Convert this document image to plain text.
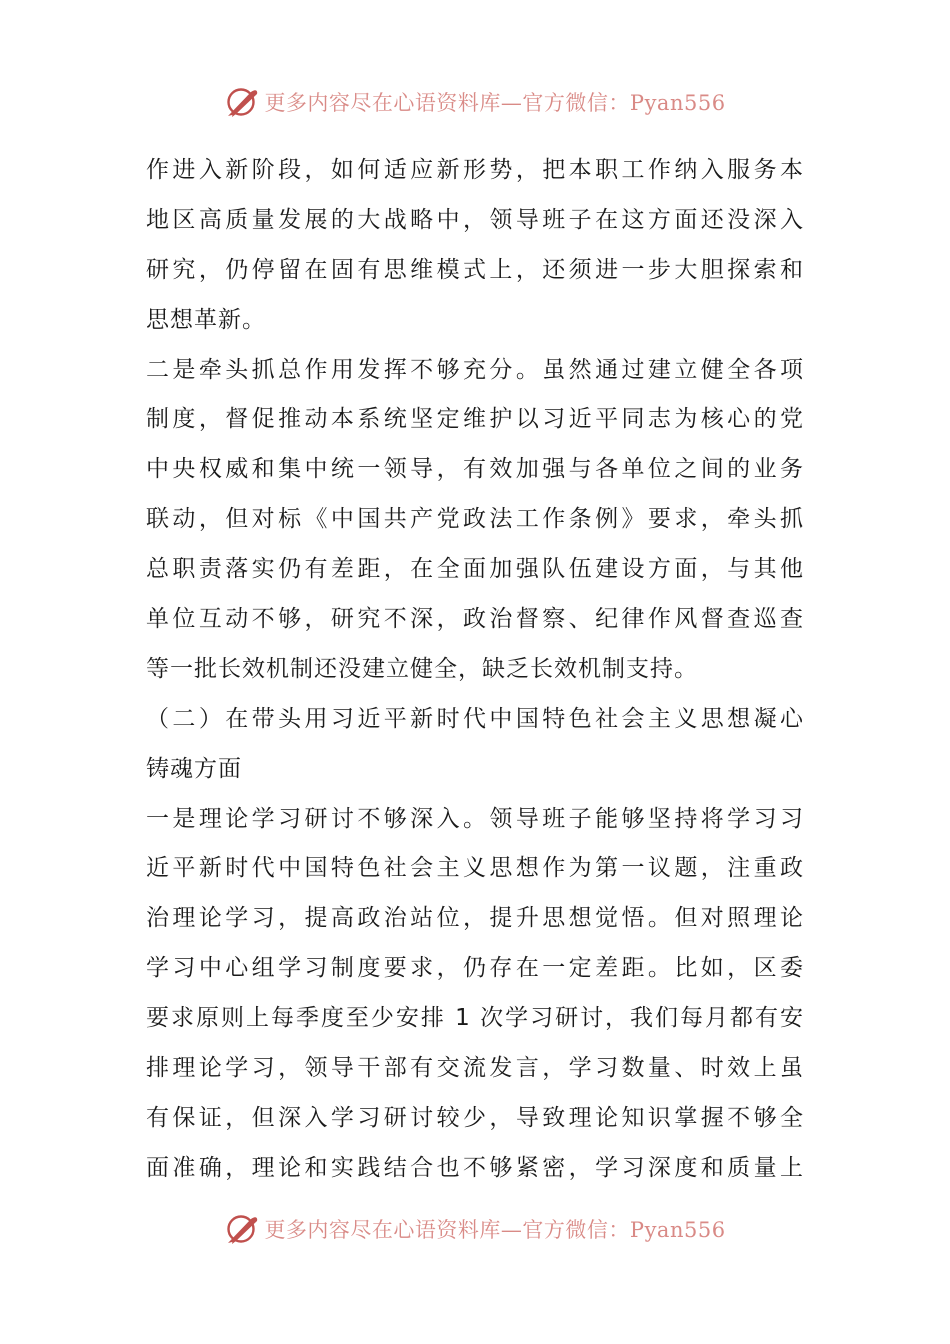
更多内容尽在心语资料库—官方微信：Pyan556
作进入新阶段，如何适应新形势，把本职工作纳入服务本
地区高质量发展的大战略中，领导班子在这方面还没深入
研究，仍停留在固有思维模式上，还须进一步大胆探索和
思想革新。
二是牵头抓总作用发挥不够充分。虽然通过建立健全各项
制度，督促推动本系统坚定维护以习近平同志为核心的党
中央权威和集中统一领导，有效加强与各单位之间的业务
联动，但对标《中国共产党政法工作条例》要求，牵头抓
总职责落实仍有差距，在全面加强队伍建设方面，与其他
单位互动不够，研究不深，政治督察、纪律作风督查巡查
等一批长效机制还没建立健全，缺乏长效机制支持。
（二）在带头用习近平新时代中国特色社会主义思想凝心
铸魂方面
一是理论学习研讨不够深入。领导班子能够坚持将学习习
近平新时代中国特色社会主义思想作为第一议题，注重政
治理论学习，提高政治站位，提升思想觉悟。但对照理论
学习中心组学习制度要求，仍存在一定差距。比如，区委
要求原则上每季度至少安排 1 次学习研讨，我们每月都有安
排理论学习，领导干部有交流发言，学习数量、时效上虽
有保证，但深入学习研讨较少，导致理论知识掌握不够全
面准确，理论和实践结合也不够紧密，学习深度和质量上
更多内容尽在心语资料库—官方微信：Pyan556
